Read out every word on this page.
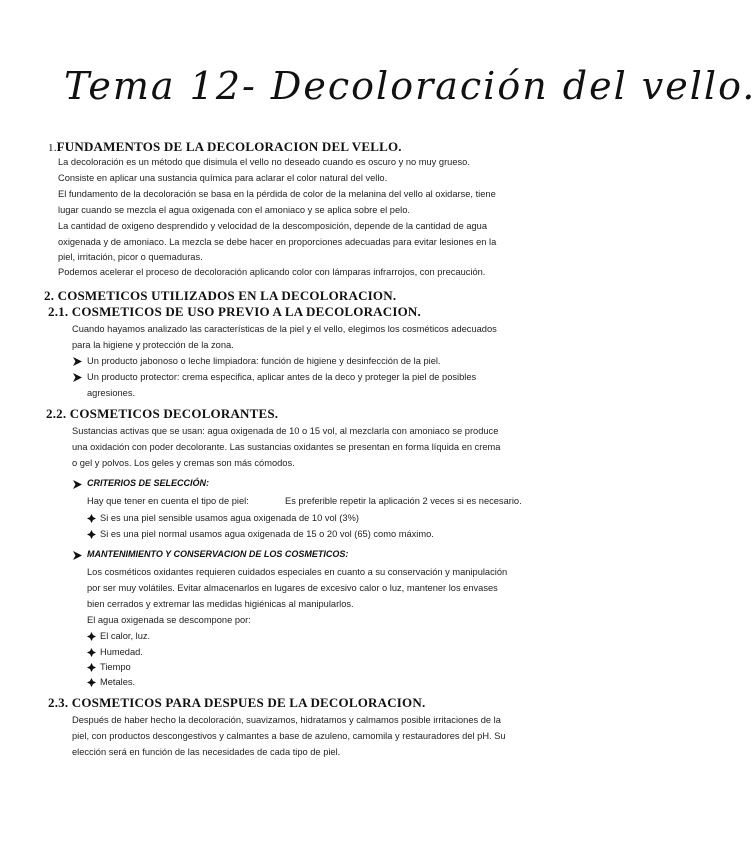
Tema 12- Decoloración del vello.
1.FUNDAMENTOS DE LA DECOLORACION DEL VELLO.
La decoloración es un método que disimula el vello no deseado cuando es oscuro y no muy grueso.
Consiste en aplicar una sustancia química para aclarar el color natural del vello.
El fundamento de la decoloración se basa en la pérdida de color de la melanina del vello al oxidarse, tiene
lugar cuando se mezcla el agua oxigenada con el amoniaco y se aplica sobre el pelo.
La cantidad de oxigeno desprendido y velocidad de la descomposición, depende de la cantidad de agua
oxigenada y de amoniaco. La mezcla se debe hacer en proporciones adecuadas para evitar lesiones en la
piel, irritación, picor o quemaduras.
Podemos acelerar el proceso de decoloración aplicando color con lámparas infrarrojos, con precaución.
2. COSMETICOS UTILIZADOS EN LA DECOLORACION.
2.1. COSMETICOS DE USO PREVIO A LA DECOLORACION.
Cuando hayamos analizado las características de la piel y el vello, elegimos los cosméticos adecuados
para la higiene y protección de la zona.
Un producto jabonoso o leche limpiadora: función de higiene y desinfección de la piel.
Un producto protector: crema especifica, aplicar antes de la deco y proteger la piel de posibles
agresiones.
2.2. COSMETICOS DECOLORANTES.
Sustancias activas que se usan: agua oxigenada de 10 o 15 vol, al mezclarla con amoniaco se produce
una oxidación con poder decolorante. Las sustancias oxidantes se presentan en forma líquida en crema
o gel y polvos. Los geles y cremas son más cómodos.
CRITERIOS DE SELECCIÓN:
Hay que tener en cuenta el tipo de piel:	Es preferible repetir la aplicación 2 veces si es necesario.
Si es una piel sensible usamos agua oxigenada de 10 vol (3%)
Si es una piel normal usamos agua oxigenada de 15 o 20 vol (65) como máximo.
MANTENIMIENTO Y CONSERVACION DE LOS COSMETICOS:
Los cosméticos oxidantes requieren cuidados especiales en cuanto a su conservación y manipulación
por ser muy volátiles. Evitar almacenarlos en lugares de excesivo calor o luz, mantener los envases
bien cerrados y extremar las medidas higiénicas al manipularlos.
El agua oxigenada se descompone por:
El calor, luz.
Humedad.
Tiempo
Metales.
2.3. COSMETICOS PARA DESPUES DE LA DECOLORACION.
Después de haber hecho la decoloración, suavizamos, hidratamos y calmamos posible irritaciones de la
piel, con productos descongestivos y calmantes a base de azuleno, camomila y restauradores del pH. Su
elección será en función de las necesidades de cada tipo de piel.
